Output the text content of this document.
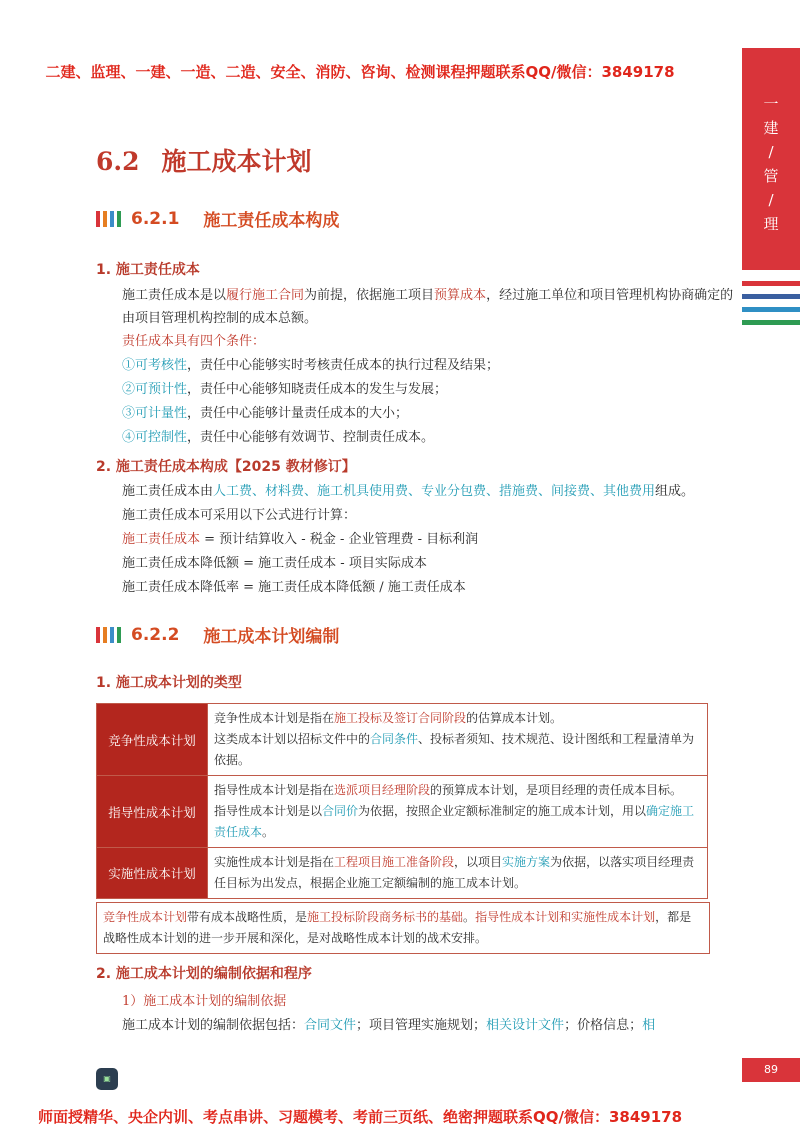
二建、监理、一建、一造、二造、安全、消防、咨询、检测课程押题联系QQ/微信：3849178
一
建
/
管
/
理
6.2 施工成本计划
6.2.1 施工责任成本构成
1. 施工责任成本
施工责任成本是以履行施工合同为前提，依据施工项目预算成本，经过施工单位和项目管理机构协商确定的由项目管理机构控制的成本总额。
责任成本具有四个条件：
①可考核性，责任中心能够实时考核责任成本的执行过程及结果；
②可预计性，责任中心能够知晓责任成本的发生与发展；
③可计量性，责任中心能够计量责任成本的大小；
④可控制性，责任中心能够有效调节、控制责任成本。
2. 施工责任成本构成【2025 教材修订】
施工责任成本由人工费、材料费、施工机具使用费、专业分包费、措施费、间接费、其他费用组成。
施工责任成本可采用以下公式进行计算：
施工责任成本 = 预计结算收入 - 税金 - 企业管理费 - 目标利润
施工责任成本降低额 = 施工责任成本 - 项目实际成本
施工责任成本降低率 = 施工责任成本降低额 / 施工责任成本
6.2.2 施工成本计划编制
1. 施工成本计划的类型
竞争性成本计划	竞争性成本计划是指在施工投标及签订合同阶段的估算成本计划。
这类成本计划以招标文件中的合同条件、投标者须知、技术规范、设计图纸和工程量清单为依据。

指导性成本计划	指导性成本计划是指在选派项目经理阶段的预算成本计划，是项目经理的责任成本目标。
指导性成本计划是以合同价为依据，按照企业定额标准制定的施工成本计划，用以确定施工责任成本。

实施性成本计划	实施性成本计划是指在工程项目施工准备阶段，以项目实施方案为依据，以落实项目经理责任目标为出发点，根据企业施工定额编制的施工成本计划。
竞争性成本计划带有成本战略性质，是施工投标阶段商务标书的基础。指导性成本计划和实施性成本计划，都是战略性成本计划的进一步开展和深化，是对战略性成本计划的战术安排。
2. 施工成本计划的编制依据和程序
1）施工成本计划的编制依据
施工成本计划的编制依据包括：合同文件；项目管理实施规划；相关设计文件；价格信息；相
▣
89
师面授精华、央企内训、考点串讲、习题模考、考前三页纸、绝密押题联系QQ/微信：3849178
